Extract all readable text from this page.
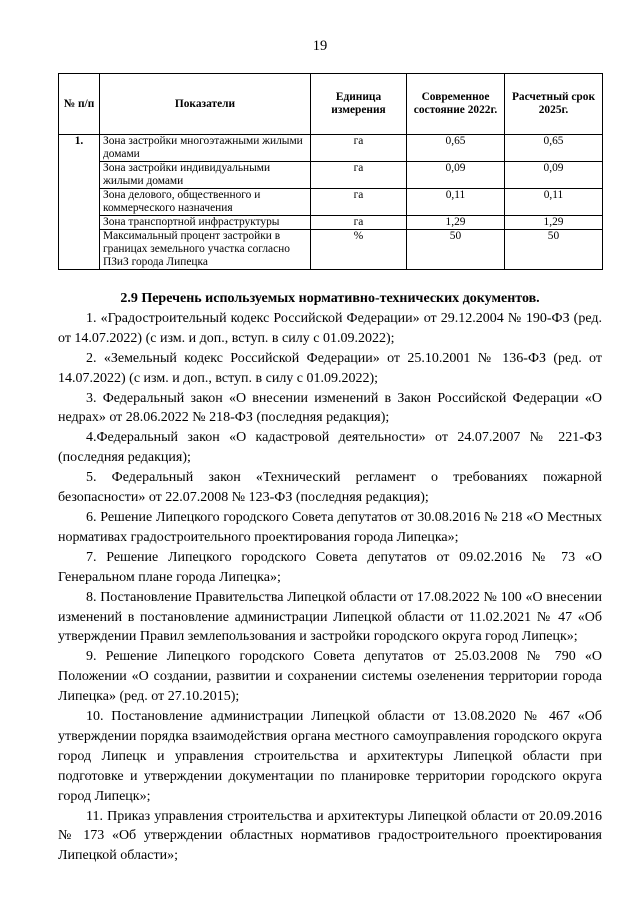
19
№ п/п	Показатели	Единица измерения	Современное состояние 2022г.	Расчетный срок 2025г.
1.	Зона застройки многоэтажными жилыми домами	га	0,65	0,65
	Зона застройки индивидуальными жилыми домами	га	0,09	0,09
	Зона делового, общественного и коммерческого назначения	га	0,11	0,11
	Зона транспортной инфраструктуры	га	1,29	1,29
	Максимальный процент застройки в границах земельного участка согласно ПЗиЗ города Липецка	%	50	50

2.9 Перечень используемых нормативно-технических документов.

1. «Градостроительный кодекс Российской Федерации» от 29.12.2004 № 190-ФЗ (ред. от 14.07.2022) (с изм. и доп., вступ. в силу с 01.09.2022);

2. «Земельный кодекс Российской Федерации» от 25.10.2001 № 136-ФЗ (ред. от 14.07.2022) (с изм. и доп., вступ. в силу с 01.09.2022);

3. Федеральный закон «О внесении изменений в Закон Российской Федерации «О недрах» от 28.06.2022 № 218-ФЗ (последняя редакция);

4.Федеральный закон «О кадастровой деятельности» от 24.07.2007 № 221-ФЗ (последняя редакция);

5. Федеральный закон «Технический регламент о требованиях пожарной безопасности» от 22.07.2008 № 123-ФЗ (последняя редакция);

6. Решение Липецкого городского Совета депутатов от 30.08.2016 № 218 «О Местных нормативах градостроительного проектирования города Липецка»;

7. Решение Липецкого городского Совета депутатов от 09.02.2016 № 73 «О Генеральном плане города Липецка»;

8. Постановление Правительства Липецкой области от 17.08.2022 № 100 «О внесении изменений в постановление администрации Липецкой области от 11.02.2021 № 47 «Об утверждении Правил землепользования и застройки городского округа город Липецк»;

9. Решение Липецкого городского Совета депутатов от 25.03.2008 № 790 «О Положении «О создании, развитии и сохранении системы озеленения территории города Липецка» (ред. от 27.10.2015);

10. Постановление администрации Липецкой области от 13.08.2020 № 467 «Об утверждении порядка взаимодействия органа местного самоуправления городского округа город Липецк и управления строительства и архитектуры Липецкой области при подготовке и утверждении документации по планировке территории городского округа город Липецк»;

11. Приказ управления строительства и архитектуры Липецкой области от 20.09.2016 № 173 «Об утверждении областных нормативов градостроительного проектирования Липецкой области»;
